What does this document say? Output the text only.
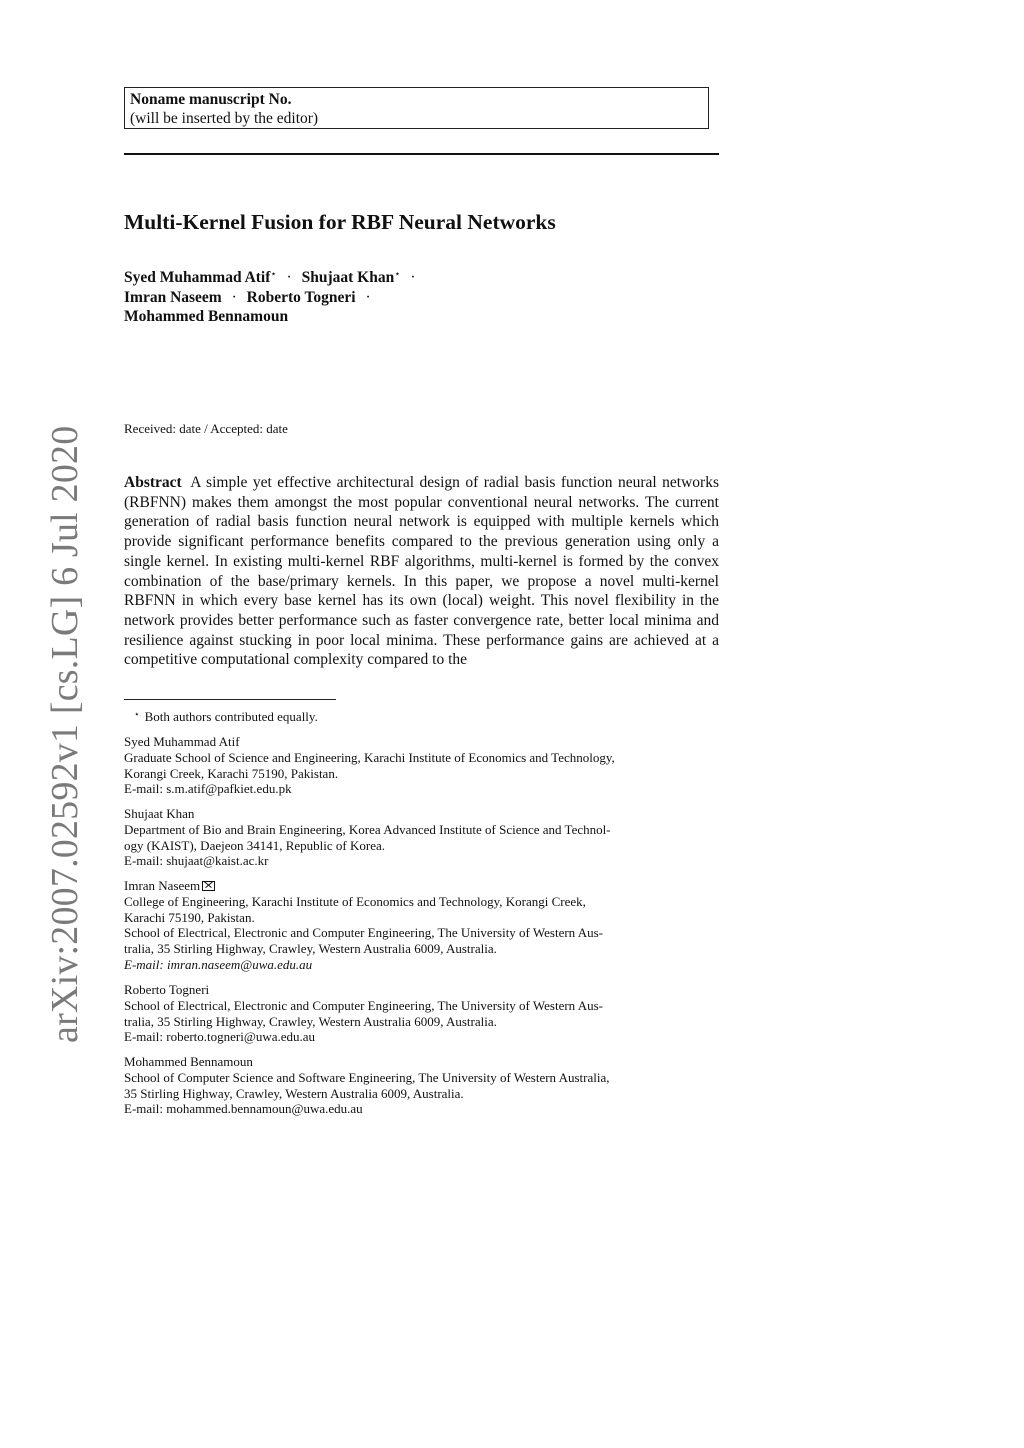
arXiv:2007.02592v1 [cs.LG] 6 Jul 2020
Noname manuscript No.
(will be inserted by the editor)
Multi-Kernel Fusion for RBF Neural Networks
Syed Muhammad Atif⋆ · Shujaat Khan⋆ ·
Imran Naseem · Roberto Togneri ·
Mohammed Bennamoun
Received: date / Accepted: date

Abstract A simple yet effective architectural design of radial basis function neural networks (RBFNN) makes them amongst the most popular conventional neural networks. The current generation of radial basis function neural network is equipped with multiple kernels which provide significant performance benefits compared to the previous generation using only a single kernel. In existing multi-kernel RBF algorithms, multi-kernel is formed by the convex combination of the base/primary kernels. In this paper, we propose a novel multi-kernel RBFNN in which every base kernel has its own (local) weight. This novel flexibility in the network provides better performance such as faster convergence rate, better local minima and resilience against stucking in poor local minima. These performance gains are achieved at a competitive computational complexity compared to the

⋆ Both authors contributed equally.
Syed Muhammad Atif
Graduate School of Science and Engineering, Karachi Institute of Economics and Technology,
Korangi Creek, Karachi 75190, Pakistan.
E-mail: s.m.atif@pafkiet.edu.pk
Shujaat Khan
Department of Bio and Brain Engineering, Korea Advanced Institute of Science and Technol-
ogy (KAIST), Daejeon 34141, Republic of Korea.
E-mail: shujaat@kaist.ac.kr
Imran Naseem
College of Engineering, Karachi Institute of Economics and Technology, Korangi Creek,
Karachi 75190, Pakistan.
School of Electrical, Electronic and Computer Engineering, The University of Western Aus-
tralia, 35 Stirling Highway, Crawley, Western Australia 6009, Australia.
E-mail: imran.naseem@uwa.edu.au
Roberto Togneri
School of Electrical, Electronic and Computer Engineering, The University of Western Aus-
tralia, 35 Stirling Highway, Crawley, Western Australia 6009, Australia.
E-mail: roberto.togneri@uwa.edu.au
Mohammed Bennamoun
School of Computer Science and Software Engineering, The University of Western Australia,
35 Stirling Highway, Crawley, Western Australia 6009, Australia.
E-mail: mohammed.bennamoun@uwa.edu.au
